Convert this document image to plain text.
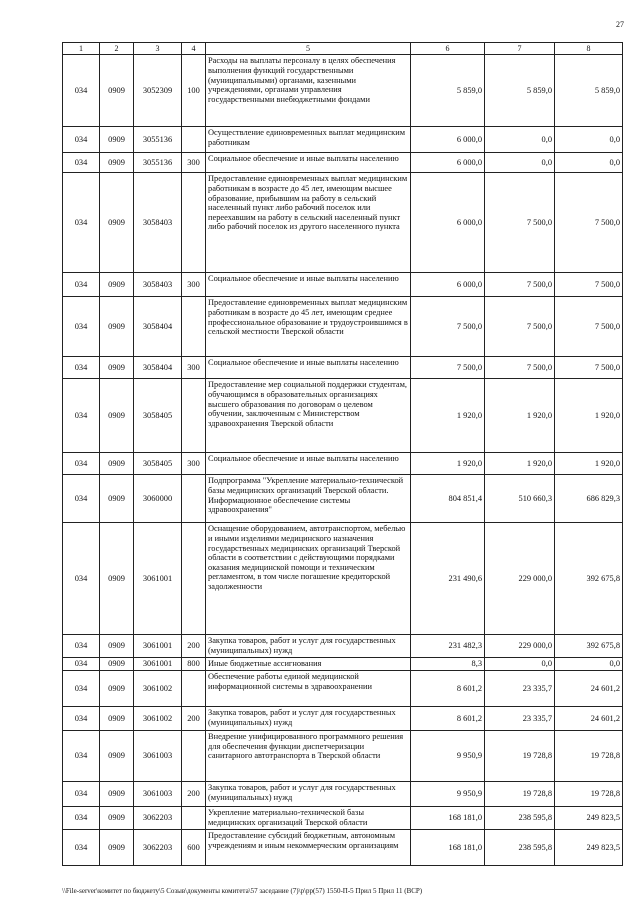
27
1	2	3	4	5	6	7	8
034	0909	3052309	100	Расходы на выплаты персоналу в целях обеспечения выполнения функций государственными (муниципальными) органами, казенными учреждениями, органами управления государственными внебюджетными фондами	5 859,0	5 859,0	5 859,0
034	0909	3055136		Осуществление единовременных выплат медицинским работникам	6 000,0	0,0	0,0
034	0909	3055136	300	Социальное обеспечение и иные выплаты населению	6 000,0	0,0	0,0
034	0909	3058403		Предоставление единовременных выплат медицинским работникам в возрасте до 45 лет, имеющим высшее образование, прибывшим на работу в сельский населенный пункт либо рабочий поселок или переехавшим на работу в сельский населенный пункт либо рабочий поселок из другого населенного пункта	6 000,0	7 500,0	7 500,0
034	0909	3058403	300	Социальное обеспечение и иные выплаты населению	6 000,0	7 500,0	7 500,0
034	0909	3058404		Предоставление единовременных выплат медицинским работникам в возрасте до 45 лет, имеющим среднее профессиональное образование и трудоустроившимся в сельской местности Тверской области	7 500,0	7 500,0	7 500,0
034	0909	3058404	300	Социальное обеспечение и иные выплаты населению	7 500,0	7 500,0	7 500,0
034	0909	3058405		Предоставление мер социальной поддержки студентам, обучающимся в образовательных организациях высшего образования по договорам о целевом обучении, заключенным с Министерством здравоохранения Тверской области	1 920,0	1 920,0	1 920,0
034	0909	3058405	300	Социальное обеспечение и иные выплаты населению	1 920,0	1 920,0	1 920,0
034	0909	3060000		Подпрограмма "Укрепление материально-технической базы медицинских организаций Тверской области. Информационное обеспечение системы здравоохранения"	804 851,4	510 660,3	686 829,3
034	0909	3061001		Оснащение оборудованием, автотранспортом, мебелью и иными изделиями медицинского назначения государственных медицинских организаций Тверской области в соответствии с действующими порядками оказания медицинской помощи и техническим регламентом, в том числе погашение кредиторской задолженности	231 490,6	229 000,0	392 675,8
034	0909	3061001	200	Закупка товаров, работ и услуг для государственных (муниципальных) нужд	231 482,3	229 000,0	392 675,8
034	0909	3061001	800	Иные бюджетные ассигнования	8,3	0,0	0,0
034	0909	3061002		Обеспечение работы единой медицинской информационной системы в здравоохранении	8 601,2	23 335,7	24 601,2
034	0909	3061002	200	Закупка товаров, работ и услуг для государственных (муниципальных) нужд	8 601,2	23 335,7	24 601,2
034	0909	3061003		Внедрение унифицированного программного решения для обеспечения функции диспетчеризации санитарного автотранспорта в Тверской области	9 950,9	19 728,8	19 728,8
034	0909	3061003	200	Закупка товаров, работ и услуг для государственных (муниципальных) нужд	9 950,9	19 728,8	19 728,8
034	0909	3062203		Укрепление материально-технической базы медицинских организаций Тверской области	168 181,0	238 595,8	249 823,5
034	0909	3062203	600	Предоставление субсидий бюджетным, автономным учреждениям и иным некоммерческим организациям	168 181,0	238 595,8	249 823,5
\\File-server\комитет по бюджету\5 Созыв\документы комитета\57 заседание (7)\р\рр(57) 1550-П-5 Прил 5 Прил 11 (ВСР)
